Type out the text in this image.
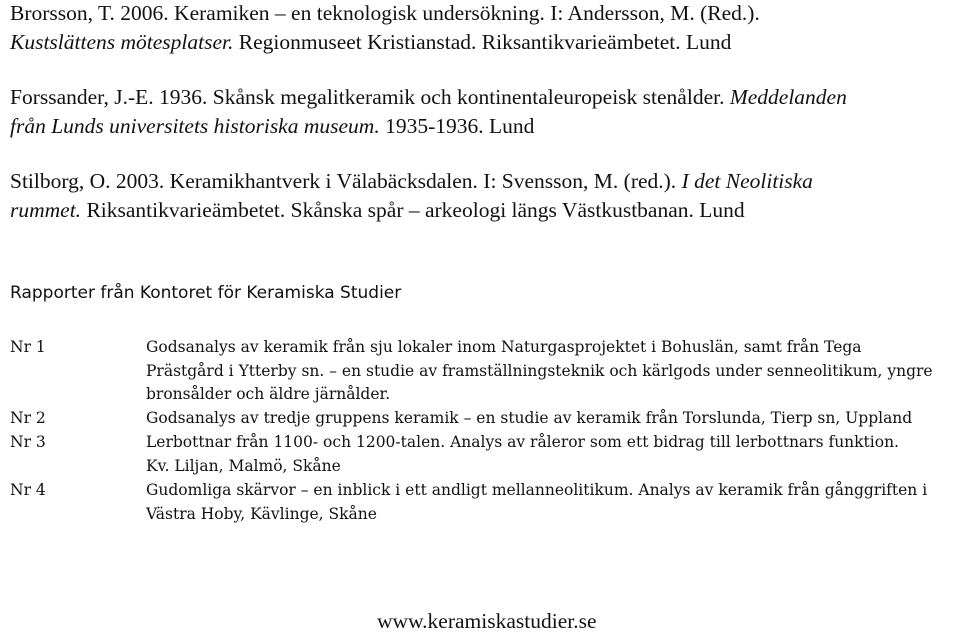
Brorsson, T. 2006. Keramiken – en teknologisk undersökning. I: Andersson, M. (Red.).
Kustslättens mötesplatser. Regionmuseet Kristianstad. Riksantikvarieämbetet. Lund
Forssander, J.-E. 1936. Skånsk megalitkeramik och kontinentaleuropeisk stenålder. Meddelanden
från Lunds universitets historiska museum. 1935-1936. Lund
Stilborg, O. 2003. Keramikhantverk i Välabäcksdalen. I: Svensson, M. (red.). I det Neolitiska
rummet. Riksantikvarieämbetet. Skånska spår – arkeologi längs Västkustbanan. Lund
Rapporter från Kontoret för Keramiska Studier
Nr 1	Godsanalys av keramik från sju lokaler inom Naturgasprojektet i Bohuslän, samt från Tega
Prästgård i Ytterby sn. – en studie av framställningsteknik och kärlgods under senneolitikum, yngre
bronsålder och äldre järnålder.
Nr 2	Godsanalys av tredje gruppens keramik – en studie av keramik från Torslunda, Tierp sn, Uppland
Nr 3	Lerbottnar från 1100- och 1200-talen. Analys av råleror som ett bidrag till lerbottnars funktion.
Kv. Liljan, Malmö, Skåne
Nr 4	Gudomliga skärvor – en inblick i ett andligt mellanneolitikum. Analys av keramik från gånggriften i
Västra Hoby, Kävlinge, Skåne
www.keramiskastudier.se
